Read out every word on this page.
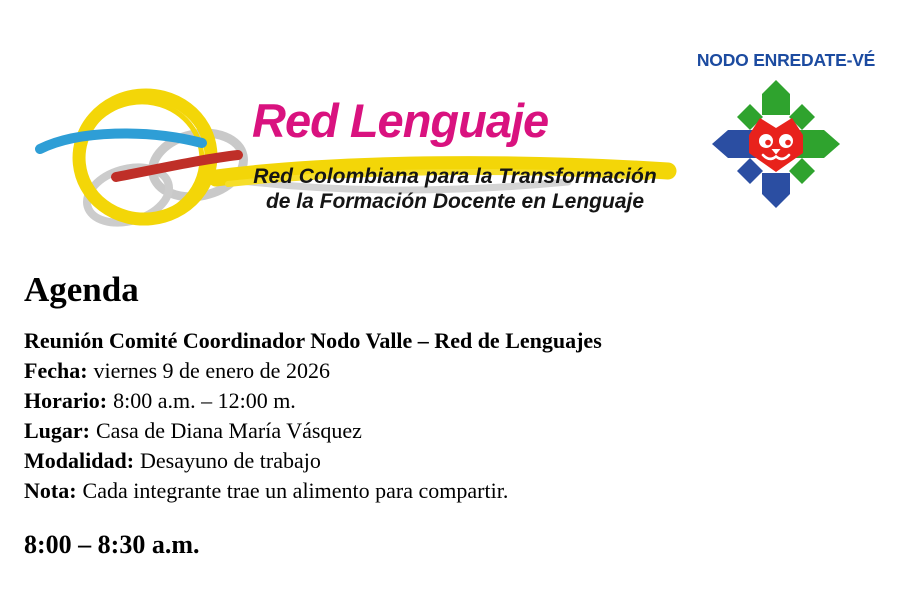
Red Lenguaje
Red Colombiana para la Transformación
de la Formación Docente en Lenguaje
NODO ENREDATE-VÉ
Agenda
Reunión Comité Coordinador Nodo Valle – Red de Lenguajes
Fecha: viernes 9 de enero de 2026
Horario: 8:00 a.m. – 12:00 m.
Lugar: Casa de Diana María Vásquez
Modalidad: Desayuno de trabajo
Nota: Cada integrante trae un alimento para compartir.
8:00 – 8:30 a.m.
